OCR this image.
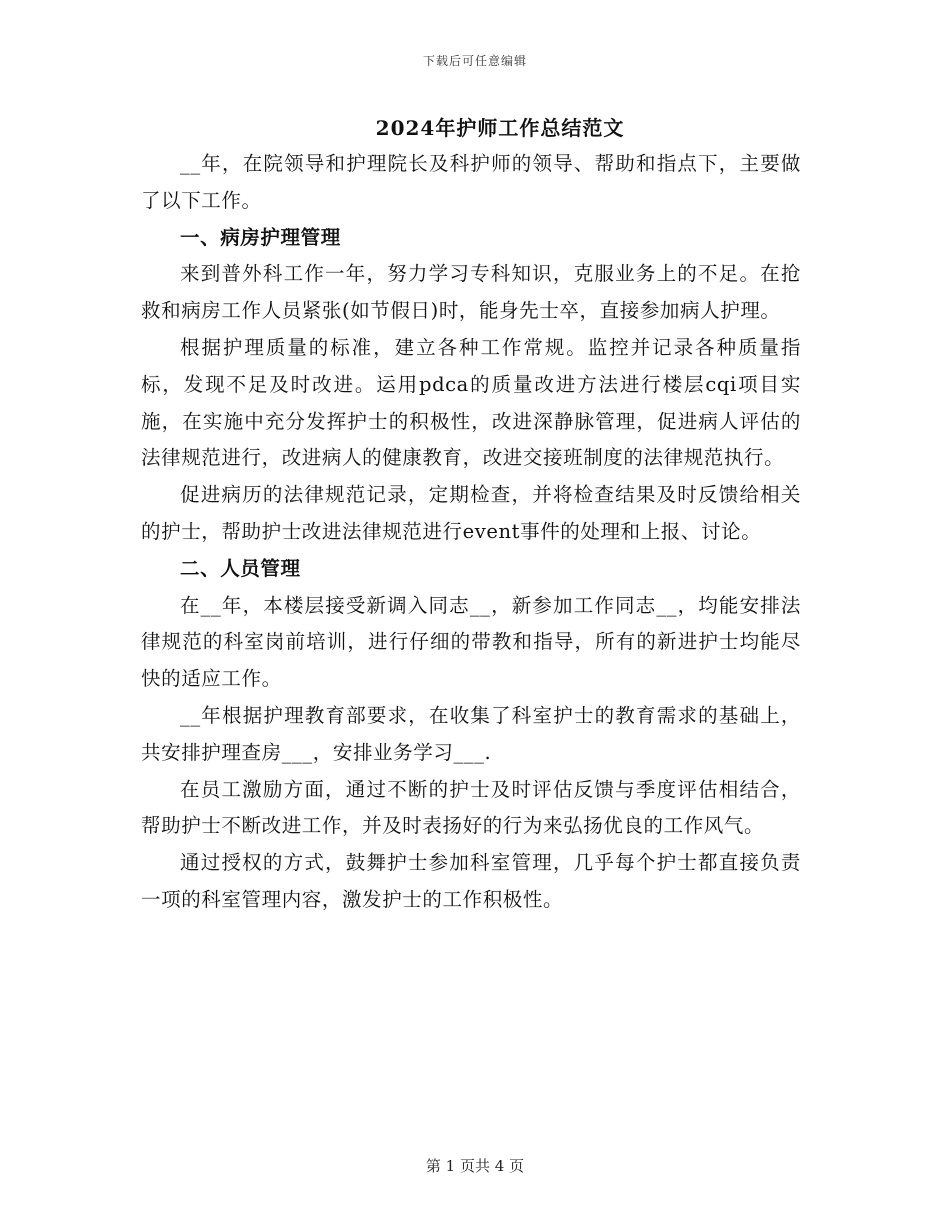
下载后可任意编辑
2024年护师工作总结范文

__年，在院领导和护理院长及科护师的领导、帮助和指点下，主要做了以下工作。

一、病房护理管理

来到普外科工作一年，努力学习专科知识，克服业务上的不足。在抢救和病房工作人员紧张(如节假日)时，能身先士卒，直接参加病人护理。

根据护理质量的标准，建立各种工作常规。监控并记录各种质量指标，发现不足及时改进。运用pdca的质量改进方法进行楼层cqi项目实施，在实施中充分发挥护士的积极性，改进深静脉管理，促进病人评估的法律规范进行，改进病人的健康教育，改进交接班制度的法律规范执行。

促进病历的法律规范记录，定期检查，并将检查结果及时反馈给相关的护士，帮助护士改进法律规范进行event事件的处理和上报、讨论。

二、人员管理

在__年，本楼层接受新调入同志__，新参加工作同志__，均能安排法律规范的科室岗前培训，进行仔细的带教和指导，所有的新进护士均能尽快的适应工作。

__年根据护理教育部要求，在收集了科室护士的教育需求的基础上，共安排护理查房___，安排业务学习___.

在员工激励方面，通过不断的护士及时评估反馈与季度评估相结合，帮助护士不断改进工作，并及时表扬好的行为来弘扬优良的工作风气。

通过授权的方式，鼓舞护士参加科室管理，几乎每个护士都直接负责一项的科室管理内容，激发护士的工作积极性。

第 1 页共 4 页
